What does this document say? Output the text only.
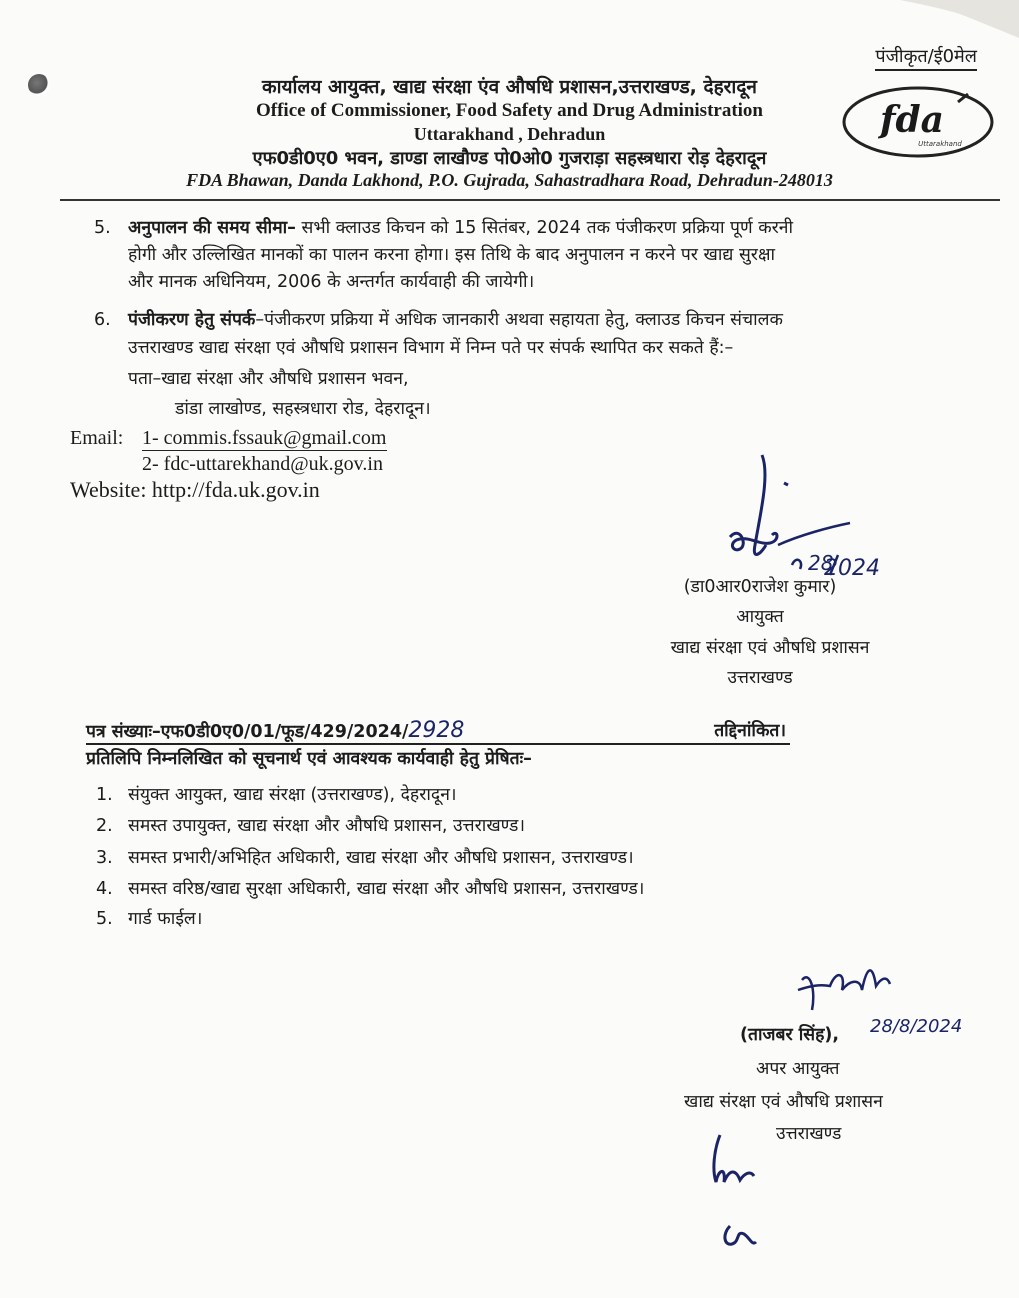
पंजीकृत/ई0मेल
कार्यालय आयुक्त, खाद्य संरक्षा एंव औषधि प्रशासन,उत्तराखण्ड, देहरादून
Office of Commissioner, Food Safety and Drug Administration
Uttarakhand , Dehradun
एफ0डी0ए0 भवन, डाण्डा लाखौण्ड पो0ओ0 गुजराड़ा सहस्त्रधारा रोड़ देहरादून
FDA Bhawan, Danda Lakhond, P.O. Gujrada, Sahastradhara Road, Dehradun-248013
fda
Uttarakhand
5. अनुपालन की समय सीमा– सभी क्लाउड किचन को 15 सितंबर, 2024 तक पंजीकरण प्रक्रिया पूर्ण करनी
होगी और उल्लिखित मानकों का पालन करना होगा। इस तिथि के बाद अनुपालन न करने पर खाद्य सुरक्षा
और मानक अधिनियम, 2006 के अन्तर्गत कार्यवाही की जायेगी।
6. पंजीकरण हेतु संपर्क–पंजीकरण प्रक्रिया में अधिक जानकारी अथवा सहायता हेतु, क्लाउड किचन संचालक
उत्तराखण्ड खाद्य संरक्षा एवं औषधि प्रशासन विभाग में निम्न पते पर संपर्क स्थापित कर सकते हैं:–
पता–खाद्य संरक्षा और औषधि प्रशासन भवन,
डांडा लाखोण्ड, सहस्त्रधारा रोड, देहरादून।
Email: 1- commis.fssauk@gmail.com
2- fdc-uttarekhand@uk.gov.in
Website: http://fda.uk.gov.in
28
2024
(डा0आर0राजेश कुमार)
आयुक्त
खाद्य संरक्षा एवं औषधि प्रशासन
उत्तराखण्ड
पत्र संख्याः–एफ0डी0ए0/01/फूड/429/2024/2928	तद्दिनांकित।
प्रतिलिपि निम्नलिखित को सूचनार्थ एवं आवश्यक कार्यवाही हेतु प्रेषितः–
1. संयुक्त आयुक्त, खाद्य संरक्षा (उत्तराखण्ड), देहरादून।
2. समस्त उपायुक्त, खाद्य संरक्षा और औषधि प्रशासन, उत्तराखण्ड।
3. समस्त प्रभारी/अभिहित अधिकारी, खाद्य संरक्षा और औषधि प्रशासन, उत्तराखण्ड।
4. समस्त वरिष्ठ/खाद्य सुरक्षा अधिकारी, खाद्य संरक्षा और औषधि प्रशासन, उत्तराखण्ड।
5. गार्ड फाईल।
28/8/2024
(ताजबर सिंह),
अपर आयुक्त
खाद्य संरक्षा एवं औषधि प्रशासन
उत्तराखण्ड
